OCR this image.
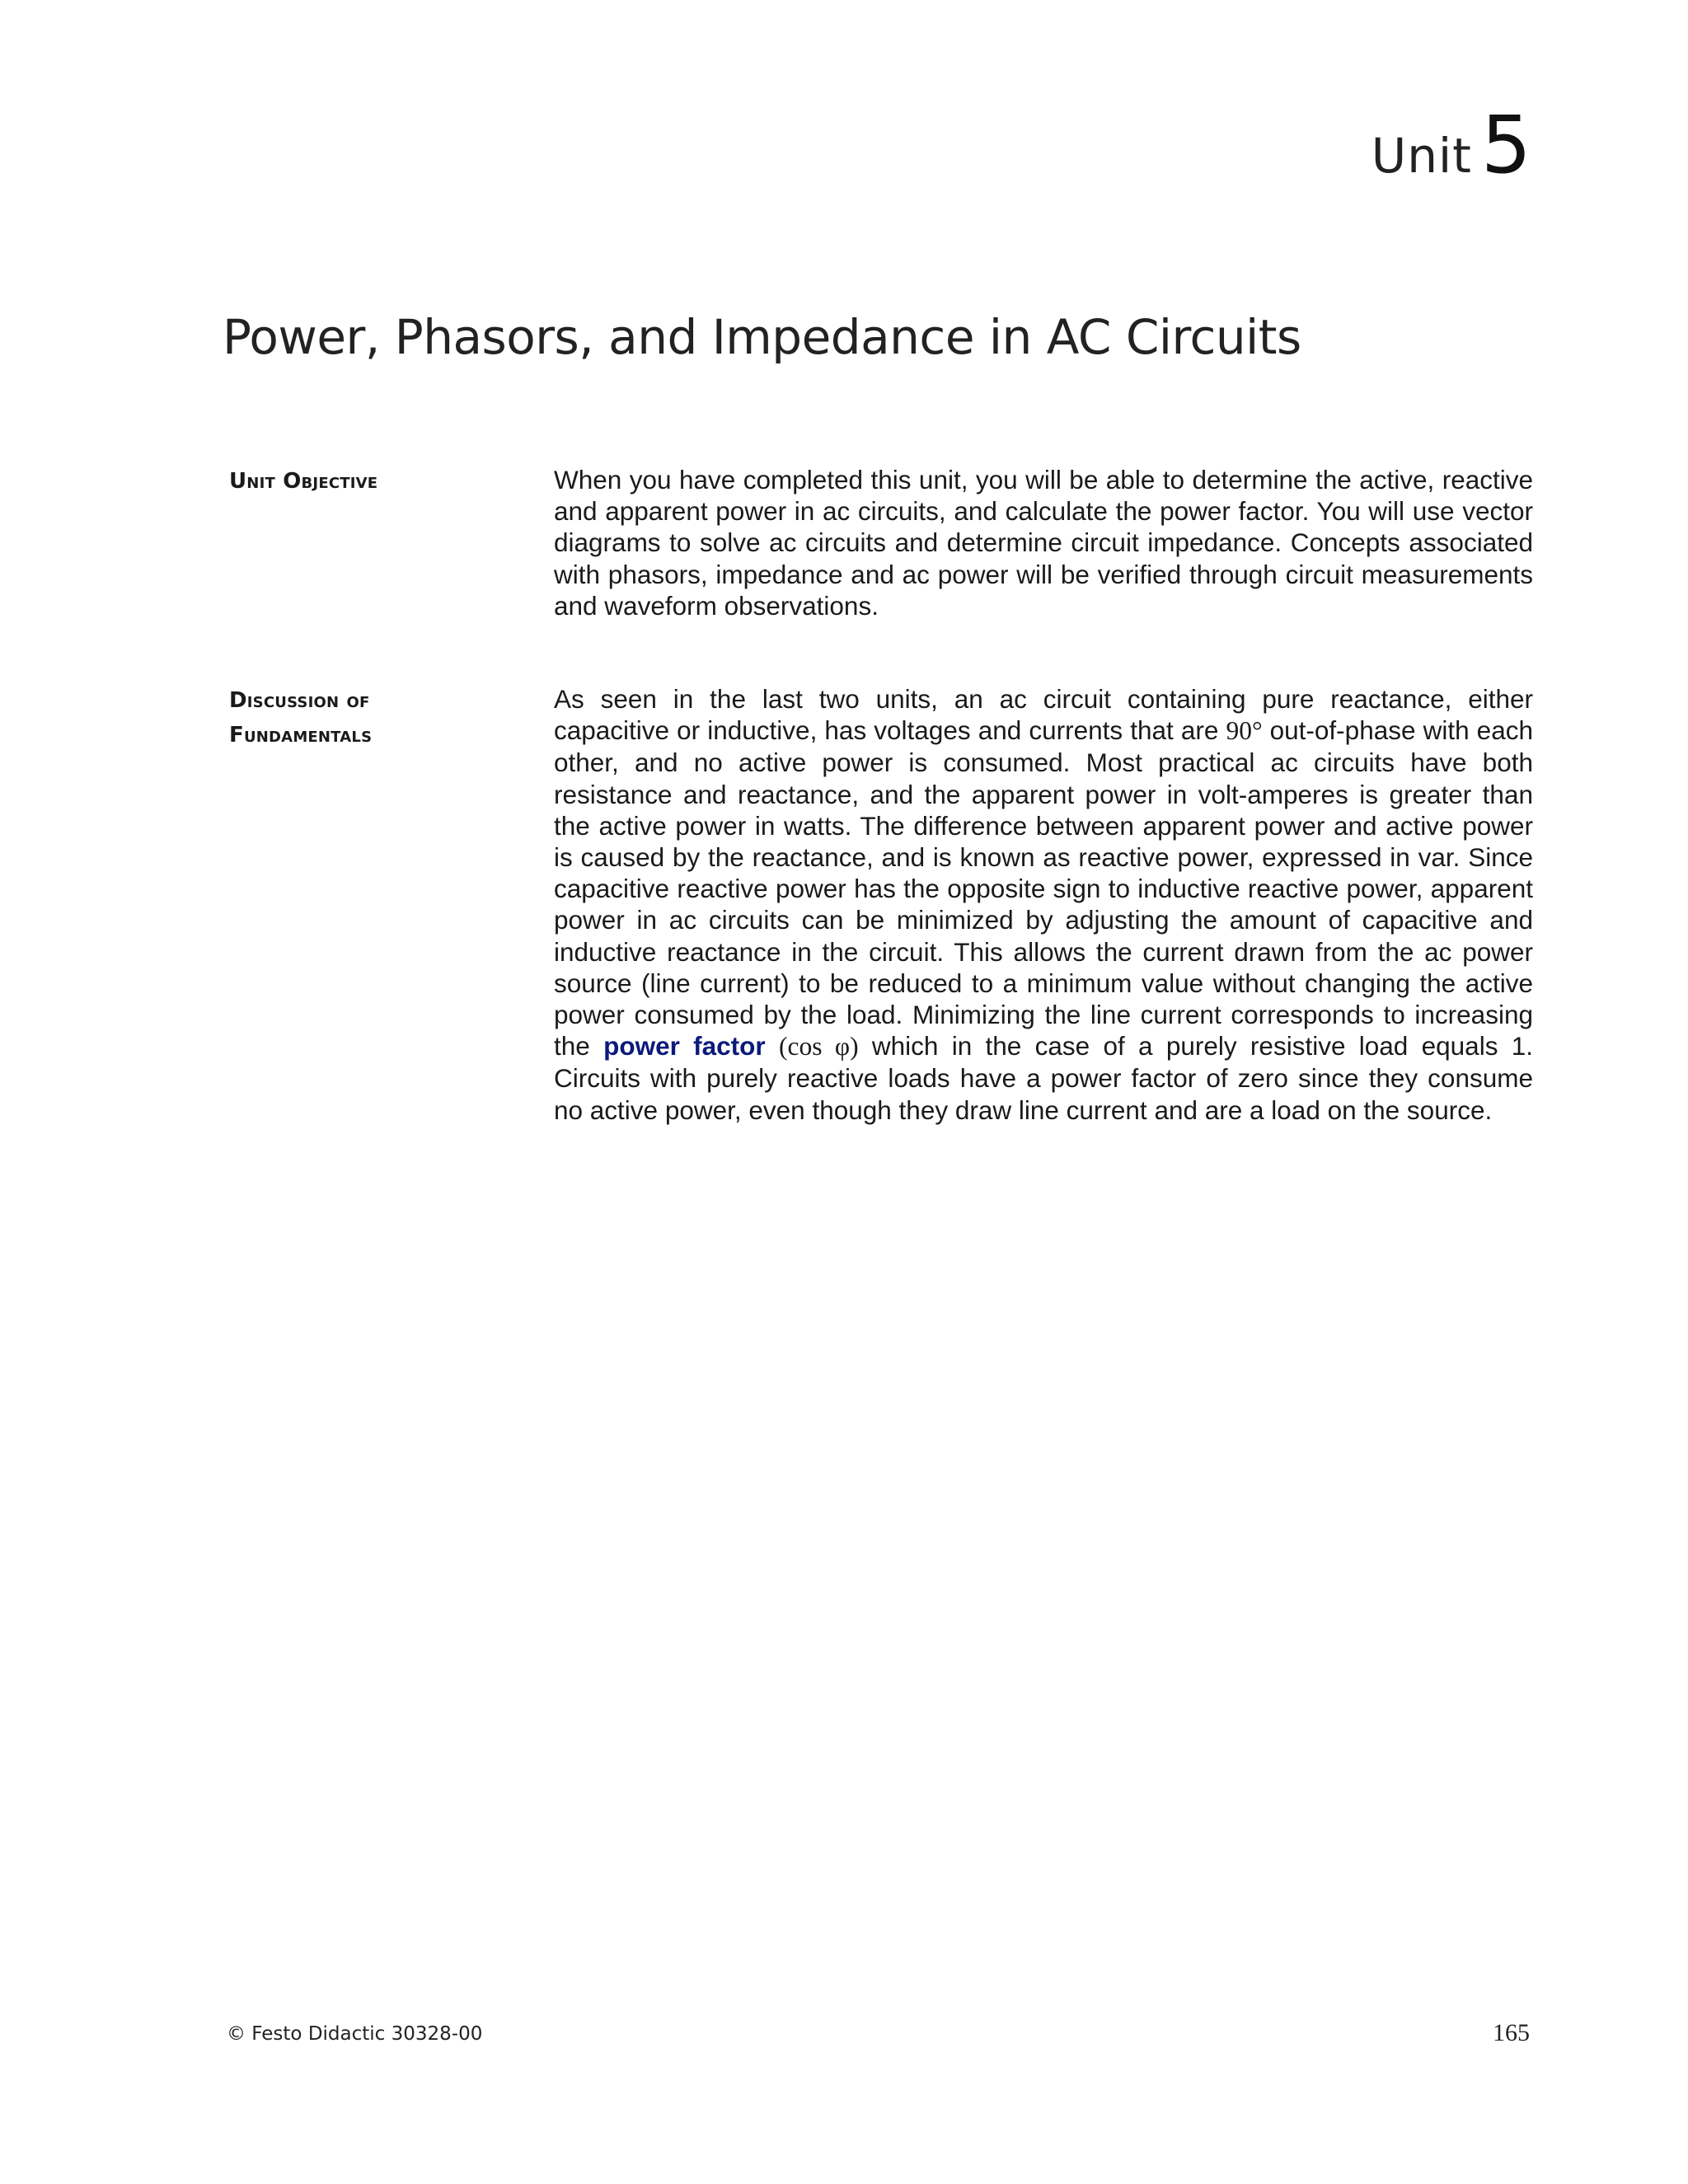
Unit 5
Power, Phasors, and Impedance in AC Circuits
Unit Objective	When you have completed this unit, you will be able to determine the active, reactive and apparent power in ac circuits, and calculate the power factor. You will use vector diagrams to solve ac circuits and determine circuit impedance. Concepts associated with phasors, impedance and ac power will be verified through circuit measurements and waveform observations.
Discussion of
Fundamentals
As seen in the last two units, an ac circuit containing pure reactance, either capacitive or inductive, has voltages and currents that are 90° out-of-phase with each other, and no active power is consumed. Most practical ac circuits have both resistance and reactance, and the apparent power in volt-amperes is greater than the active power in watts. The difference between apparent power and active power is caused by the reactance, and is known as reactive power, expressed in var. Since capacitive reactive power has the opposite sign to inductive reactive power, apparent power in ac circuits can be minimized by adjusting the amount of capacitive and inductive reactance in the circuit. This allows the current drawn from the ac power source (line current) to be reduced to a minimum value without changing the active power consumed by the load. Minimizing the line current corresponds to increasing the power factor (cos φ) which in the case of a purely resistive load equals 1. Circuits with purely reactive loads have a power factor of zero since they consume no active power, even though they draw line current and are a load on the source.
© Festo Didactic 30328-00	165
